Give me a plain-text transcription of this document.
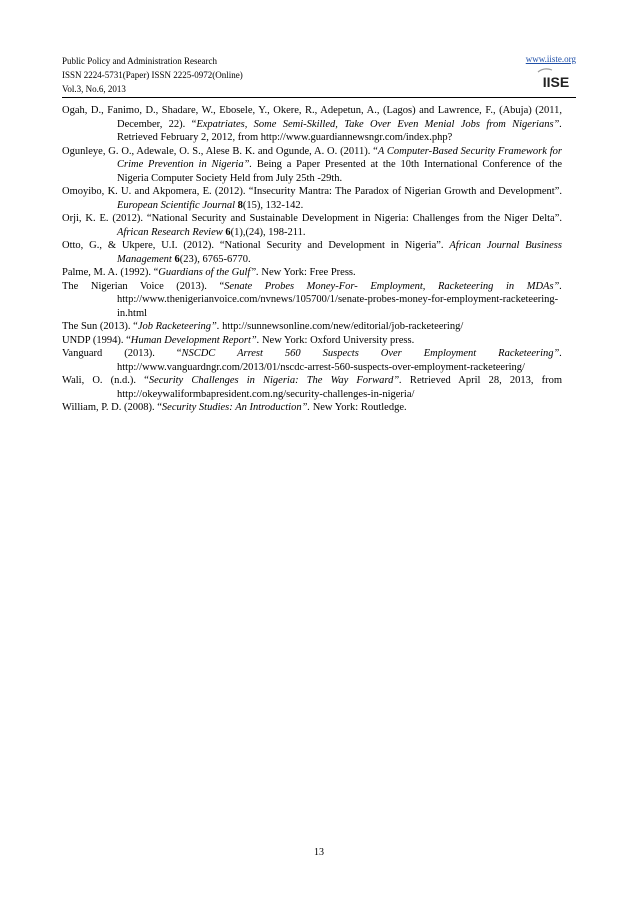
Public Policy and Administration Research
ISSN 2224-5731(Paper) ISSN 2225-0972(Online)
Vol.3, No.6, 2013
www.iiste.org
IISE

Ogah, D., Fanimo, D., Shadare, W., Ebosele, Y., Okere, R., Adepetun, A., (Lagos) and Lawrence, F., (Abuja) (2011, December, 22). “Expatriates, Some Semi-Skilled, Take Over Even Menial Jobs from Nigerians”. Retrieved February 2, 2012, from http://www.guardiannewsngr.com/index.php?

Ogunleye, G. O., Adewale, O. S., Alese B. K. and Ogunde, A. O. (2011). “A Computer-Based Security Framework for Crime Prevention in Nigeria”. Being a Paper Presented at the 10th International Conference of the Nigeria Computer Society Held from July 25th -29th.

Omoyibo, K. U. and Akpomera, E. (2012). “Insecurity Mantra: The Paradox of Nigerian Growth and Development”. European Scientific Journal 8(15), 132-142.

Orji, K. E. (2012). “National Security and Sustainable Development in Nigeria: Challenges from the Niger Delta”. African Research Review 6(1),(24), 198-211.

Otto, G., & Ukpere, U.I. (2012). “National Security and Development in Nigeria”. African Journal Business Management 6(23), 6765-6770.

Palme, M. A. (1992). “Guardians of the Gulf”. New York: Free Press.

The Nigerian Voice (2013). “Senate Probes Money-For- Employment, Racketeering in MDAs”. http://www.thenigerianvoice.com/nvnews/105700/1/senate-probes-money-for-employment-racketeering-in.html

The Sun (2013). “Job Racketeering”. http://sunnewsonline.com/new/editorial/job-racketeering/

UNDP (1994). “Human Development Report”. New York: Oxford University press.

Vanguard (2013). “NSCDC Arrest 560 Suspects Over Employment Racketeering”. http://www.vanguardngr.com/2013/01/nscdc-arrest-560-suspects-over-employment-racketeering/

Wali, O. (n.d.). “Security Challenges in Nigeria: The Way Forward”. Retrieved April 28, 2013, from http://okeywaliformbapresident.com.ng/security-challenges-in-nigeria/

William, P. D. (2008). “Security Studies: An Introduction”. New York: Routledge.

13
